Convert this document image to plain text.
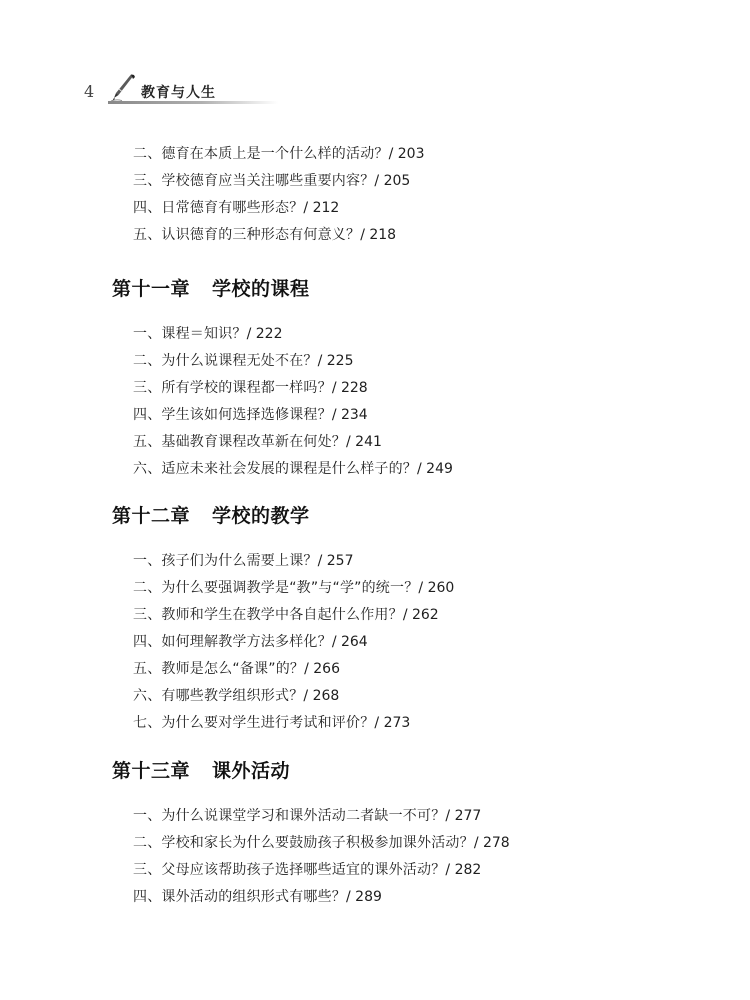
4	教育与人生
二、德育在本质上是一个什么样的活动？/ 203
三、学校德育应当关注哪些重要内容？/ 205
四、日常德育有哪些形态？/ 212
五、认识德育的三种形态有何意义？/ 218
第十一章 学校的课程
一、课程＝知识？/ 222
二、为什么说课程无处不在？/ 225
三、所有学校的课程都一样吗？/ 228
四、学生该如何选择选修课程？/ 234
五、基础教育课程改革新在何处？/ 241
六、适应未来社会发展的课程是什么样子的？/ 249
第十二章 学校的教学
一、孩子们为什么需要上课？/ 257
二、为什么要强调教学是“教”与“学”的统一？/ 260
三、教师和学生在教学中各自起什么作用？/ 262
四、如何理解教学方法多样化？/ 264
五、教师是怎么“备课”的？/ 266
六、有哪些教学组织形式？/ 268
七、为什么要对学生进行考试和评价？/ 273
第十三章 课外活动
一、为什么说课堂学习和课外活动二者缺一不可？/ 277
二、学校和家长为什么要鼓励孩子积极参加课外活动？/ 278
三、父母应该帮助孩子选择哪些适宜的课外活动？/ 282
四、课外活动的组织形式有哪些？/ 289
